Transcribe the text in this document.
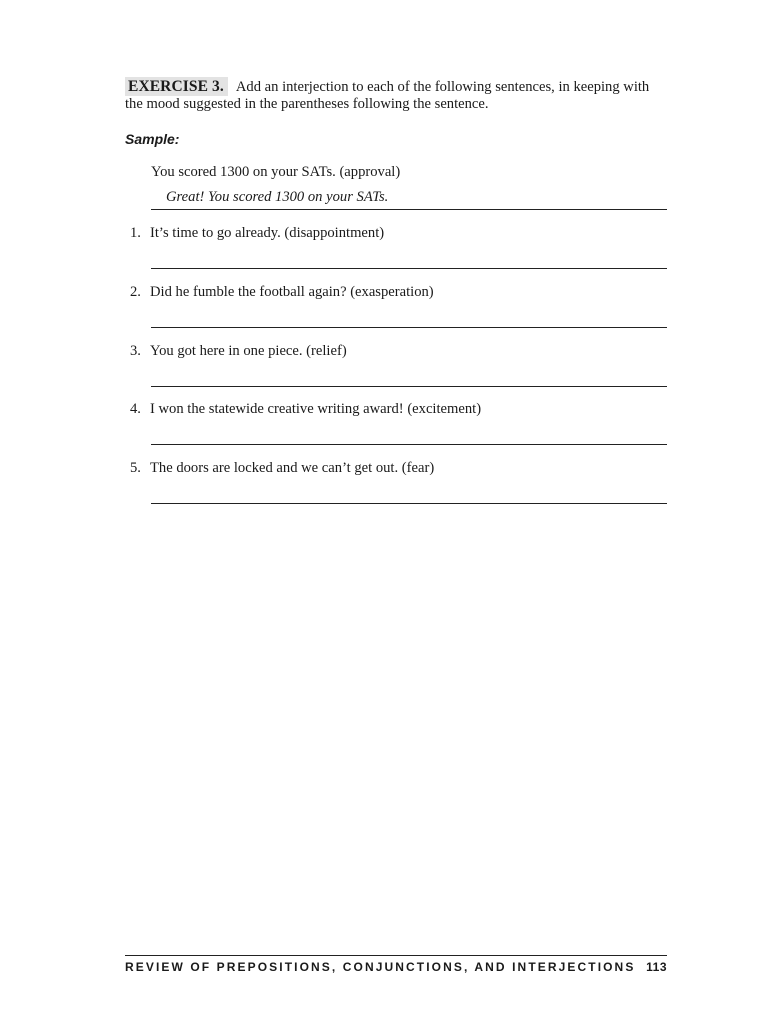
EXERCISE 3. Add an interjection to each of the following sentences, in keeping with the mood suggested in the parentheses following the sentence.
Sample:
You scored 1300 on your SATs. (approval)
Great! You scored 1300 on your SATs.
1. It’s time to go already. (disappointment)
2. Did he fumble the football again? (exasperation)
3. You got here in one piece. (relief)
4. I won the statewide creative writing award! (excitement)
5. The doors are locked and we can’t get out. (fear)
REVIEW OF PREPOSITIONS, CONJUNCTIONS, AND INTERJECTIONS 113
